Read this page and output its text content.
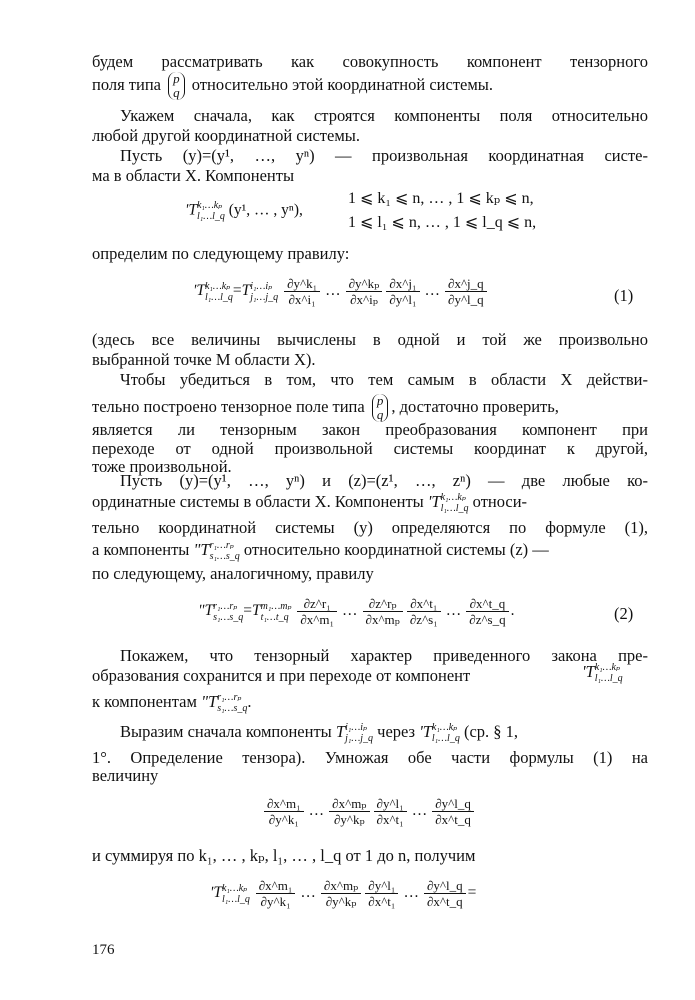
будем рассматривать как совокупность компонент тензорного
поля типа p
q относительно этой координатной системы.
Укажем сначала, как строятся компоненты поля относительно
любой другой координатной системы.
Пусть (y)=(y¹, …, yⁿ) — произвольная координатная систе-
ма в области X. Компоненты
ʹT k₁…kₚ
l₁…l_q (y¹, … , yⁿ),
1 ⩽ k₁ ⩽ n, … , 1 ⩽ kₚ ⩽ n,
1 ⩽ l₁ ⩽ n, … , 1 ⩽ l_q ⩽ n,
определим по следующему правилу:
ʹT k₁…kₚ
l₁…l_q =T i₁…iₚ
j₁…j_q
$\frac{\text{∂y\textasciicircum{}k₁}}{\text{∂x\textasciicircum{}i₁}}$ … $\frac{\text{∂y\textasciicircum{}kₚ}}{\text{∂x\textasciicircum{}iₚ}} \frac{\text{∂x\textasciicircum{}j₁}}{\text{∂y\textasciicircum{}l₁}}$ … $\frac{\partial x\^{}j\_q}{\partial y\^{}l\_q}$	(1)
(здесь все величины вычислены в одной и той же произвольно
выбранной точке M области X).
Чтобы убедиться в том, что тем самым в области X действи-
тельно построено тензорное поле типа p
q , достаточно проверить,
является ли тензорным закон преобразования компонент при
переходе от одной произвольной системы координат к другой,
тоже произвольной.
Пусть (y)=(y¹, …, yⁿ) и (z)=(z¹, …, zⁿ) — две любые ко-
ординатные системы в области X. Компоненты ʹT k₁…kₚ
l₁…l_q относи-
тельно координатной системы (y) определяются по формуле (1),
а компоненты ʺT r₁…rₚ
s₁…s_q относительно координатной системы (z) —
по следующему, аналогичному, правилу
ʺT r₁…rₚ
s₁…s_q =T m₁…mₚ
t₁…t_q
$\frac{\text{∂z\textasciicircum{}r₁}}{\text{∂x\textasciicircum{}m₁}}$ … $\frac{\text{∂z\textasciicircum{}rₚ}}{\text{∂x\textasciicircum{}mₚ}} \frac{\text{∂x\textasciicircum{}t₁}}{\text{∂z\textasciicircum{}s₁}}$ … $\frac{\partial x\^{}t\_q}{\partial z\^{}s\_q}$ .	(2)
Покажем, что тензорный характер приведенного закона пре-
образования сохранится и при переходе от компонент	ʹT k₁…kₚ
l₁…l_q
к компонентам ʺT r₁…rₚ
s₁…s_q .
Выразим сначала компоненты T i₁…iₚ
j₁…j_q через ʹT k₁…kₚ
l₁…l_q (ср. § 1,
1°. Определение тензора). Умножая обе части формулы (1) на
величину
$\frac{\text{∂x\textasciicircum{}m₁}}{\text{∂y\textasciicircum{}k₁}}$ … $\frac{\text{∂x\textasciicircum{}mₚ}}{\text{∂y\textasciicircum{}kₚ}} \frac{\text{∂y\textasciicircum{}l₁}}{\text{∂x\textasciicircum{}t₁}}$ … $\frac{\partial y\^{}l\_q}{\partial x\^{}t\_q}$
и суммируя по k₁, … , kₚ, l₁, … , l_q от 1 до n, получим
ʹT k₁…kₚ
l₁…l_q
$\frac{\text{∂x\textasciicircum{}m₁}}{\text{∂y\textasciicircum{}k₁}}$ … $\frac{\text{∂x\textasciicircum{}mₚ}}{\text{∂y\textasciicircum{}kₚ}} \frac{\text{∂y\textasciicircum{}l₁}}{\text{∂x\textasciicircum{}t₁}}$ … $\frac{\partial y\^{}l\_q}{\partial x\^{}t\_q}$ =
176
